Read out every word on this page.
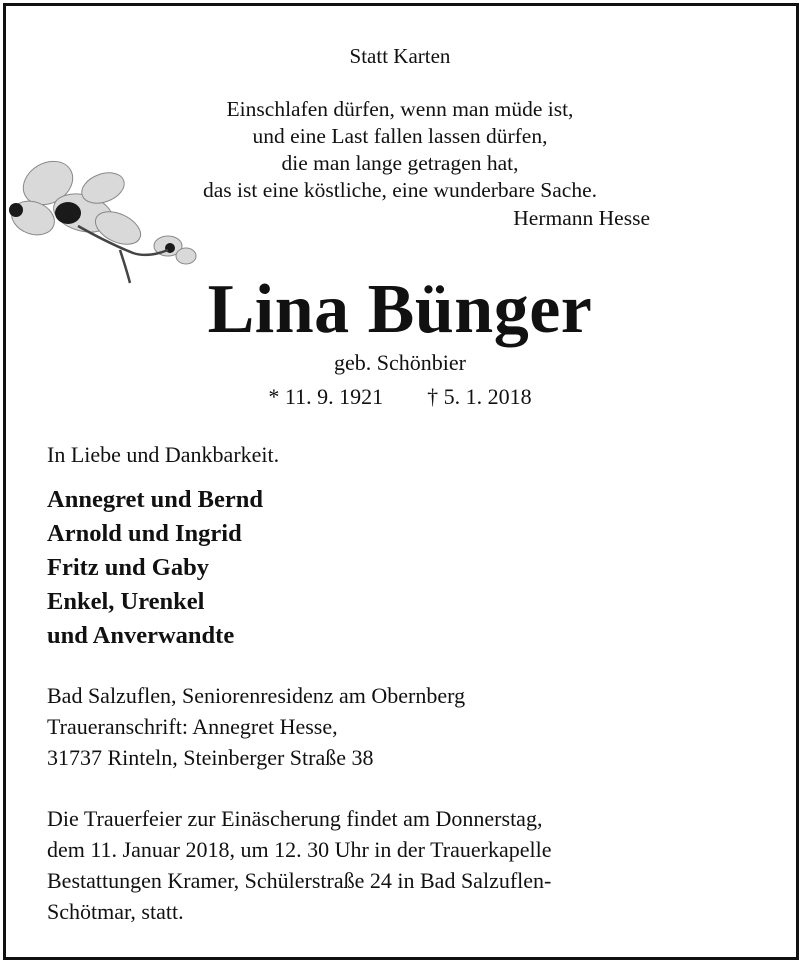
Statt Karten
Einschlafen dürfen, wenn man müde ist,
und eine Last fallen lassen dürfen,
die man lange getragen hat,
das ist eine köstliche, eine wunderbare Sache.
Hermann Hesse
Lina Bünger
geb. Schönbier
* 11. 9. 1921 † 5. 1. 2018
In Liebe und Dankbarkeit.
Annegret und Bernd
Arnold und Ingrid
Fritz und Gaby
Enkel, Urenkel
und Anverwandte
Bad Salzuflen, Seniorenresidenz am Obernberg
Traueranschrift: Annegret Hesse,
31737 Rinteln, Steinberger Straße 38
Die Trauerfeier zur Einäscherung findet am Donnerstag,
dem 11. Januar 2018, um 12. 30 Uhr in der Trauerkapelle
Bestattungen Kramer, Schülerstraße 24 in Bad Salzuflen-
Schötmar, statt.
